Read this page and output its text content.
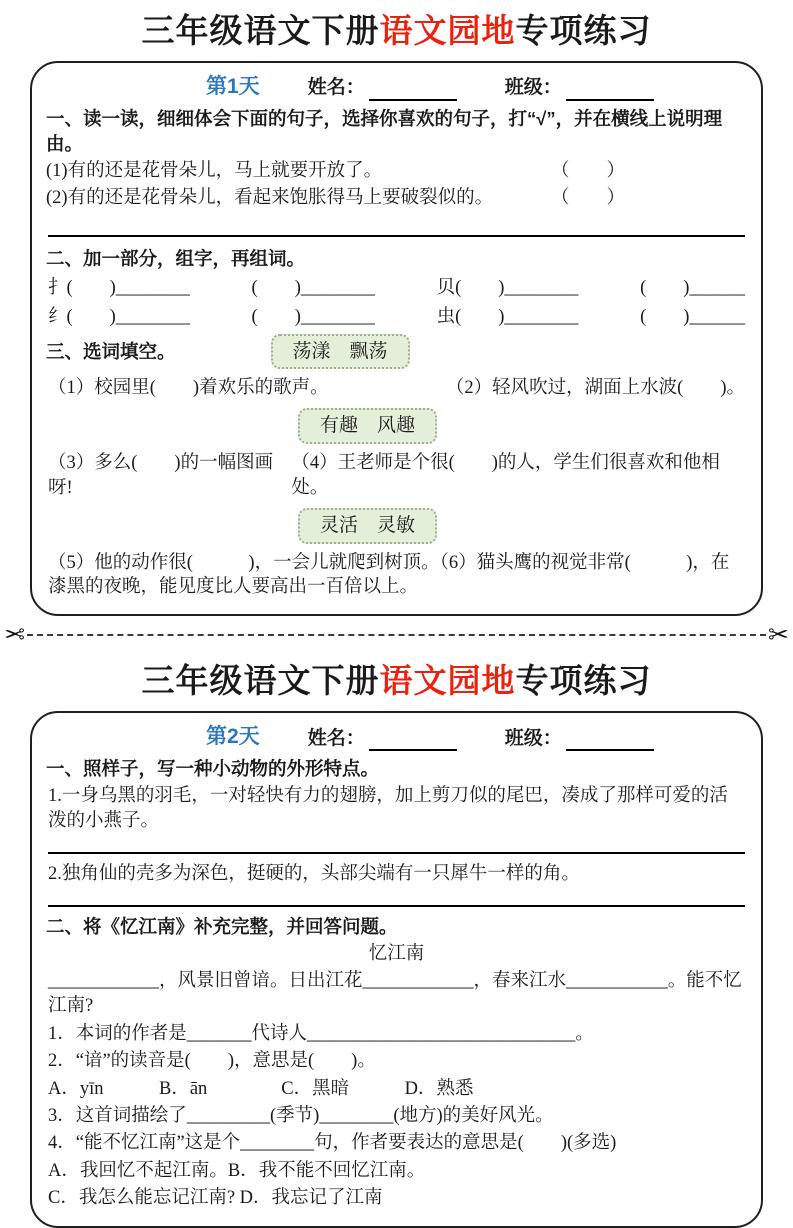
三年级语文下册语文园地专项练习
第1天	姓名：	班级：
一、读一读，细细体会下面的句子，选择你喜欢的句子，打“√”，并在横线上说明理由。
(1)有的还是花骨朵儿，马上就要开放了。	（　　）
(2)有的还是花骨朵儿，看起来饱胀得马上要破裂似的。	（　　）
二、加一部分，组字，再组词。
扌(　　)________	(　　)________	贝(　　)________	(　　)______
纟(　　)________	(　　)________	虫(　　)________	(　　)______
三、选词填空。	荡漾　飘荡
（1）校园里(　　)着欢乐的歌声。	（2）轻风吹过，湖面上水波(　　)。
有趣　风趣
（3）多么(　　)的一幅图画呀!
（4）王老师是个很(　　)的人，学生们很喜欢和他相处。
灵活　灵敏
（5）他的动作很(　　　)，一会儿就爬到树顶。（6）猫头鹰的视觉非常(　　　)，在漆黑的夜晚，能见度比人要高出一百倍以上。
✂	✂
三年级语文下册语文园地专项练习
第2天	姓名：	班级：
一、照样子，写一种小动物的外形特点。
1.一身乌黑的羽毛，一对轻快有力的翅膀，加上剪刀似的尾巴，凑成了那样可爱的活泼的小燕子。
2.独角仙的壳多为深色，挺硬的，头部尖端有一只犀牛一样的角。
二、将《忆江南》补充完整，并回答问题。
忆江南
____________，风景旧曾谙。日出江花____________，春来江水___________。能不忆江南?
1．本词的作者是_______代诗人_____________________________。
2．“谙”的读音是(　　)，意思是(　　)。
A．yīn　　　B．ān　　　　C．黑暗　　　D．熟悉
3．这首词描绘了_________(季节)________(地方)的美好风光。
4．“能不忆江南”这是个________句，作者要表达的意思是(　　)(多选)
A．我回忆不起江南。B．我不能不回忆江南。
C．我怎么能忘记江南? D．我忘记了江南
